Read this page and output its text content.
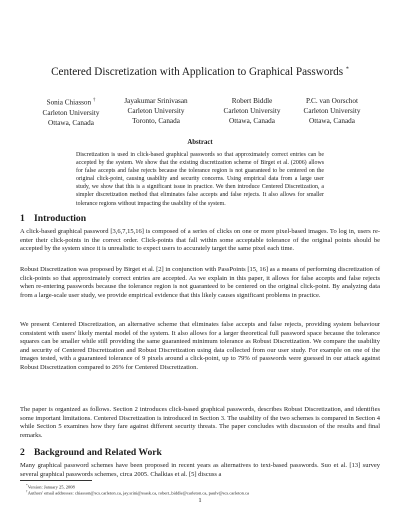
Centered Discretization with Application to Graphical Passwords *
Sonia Chiasson †
Carleton University
Ottawa, Canada
Jayakumar Srinivasan
Carleton University
Toronto, Canada
Robert Biddle
Carleton University
Ottawa, Canada
P.C. van Oorschot
Carleton University
Ottawa, Canada
Abstract

Discretization is used in click-based graphical passwords so that approximately correct entries can be accepted by the system. We show that the existing discretization scheme of Birget et al. (2006) allows for false accepts and false rejects because the tolerance region is not guaranteed to be centered on the original click-point, causing usability and security concerns. Using empirical data from a large user study, we show that this is a significant issue in practice. We then introduce Centered Discretization, a simpler discretization method that eliminates false accepts and false rejects. It also allows for smaller tolerance regions without impacting the usability of the system.

1 Introduction

A click-based graphical password [3,6,7,15,16] is composed of a series of clicks on one or more pixel-based images. To log in, users re-enter their click-points in the correct order. Click-points that fall within some acceptable tolerance of the original points should be accepted by the system since it is unrealistic to expect users to accurately target the same pixel each time.

Robust Discretization was proposed by Birget et al. [2] in conjunction with PassPoints [15, 16] as a means of performing discretization of click-points so that approximately correct entries are accepted. As we explain in this paper, it allows for false accepts and false rejects when re-entering passwords because the tolerance region is not guaranteed to be centered on the original click-point. By analyzing data from a large-scale user study, we provide empirical evidence that this likely causes significant problems in practice.

We present Centered Discretization, an alternative scheme that eliminates false accepts and false rejects, providing system behaviour consistent with users' likely mental model of the system. It also allows for a larger theoretical full password space because the tolerance squares can be smaller while still providing the same guaranteed minimum tolerance as Robust Discretization. We compare the usability and security of Centered Discretization and Robust Discretization using data collected from our user study. For example on one of the images tested, with a guaranteed tolerance of 9 pixels around a click-point, up to 79% of passwords were guessed in our attack against Robust Discretization compared to 26% for Centered Discretization.

The paper is organized as follows. Section 2 introduces click-based graphical passwords, describes Robust Discretization, and identifies some important limitations. Centered Discretization is introduced in Section 3. The usability of the two schemes is compared in Section 4 while Section 5 examines how they fare against different security threats. The paper concludes with discussion of the results and final remarks.

2 Background and Related Work

Many graphical password schemes have been proposed in recent years as alternatives to text-based passwords. Suo et al. [13] survey several graphical passwords schemes, circa 2005. Chalkias et al. [5] discuss a

*Version: January 25, 2008
†Authors' email addresses: chiasson@scs.carleton.ca, jay.srini@ssask.ca, robert_biddle@carleton.ca, paulv@scs.carleton.ca
1
